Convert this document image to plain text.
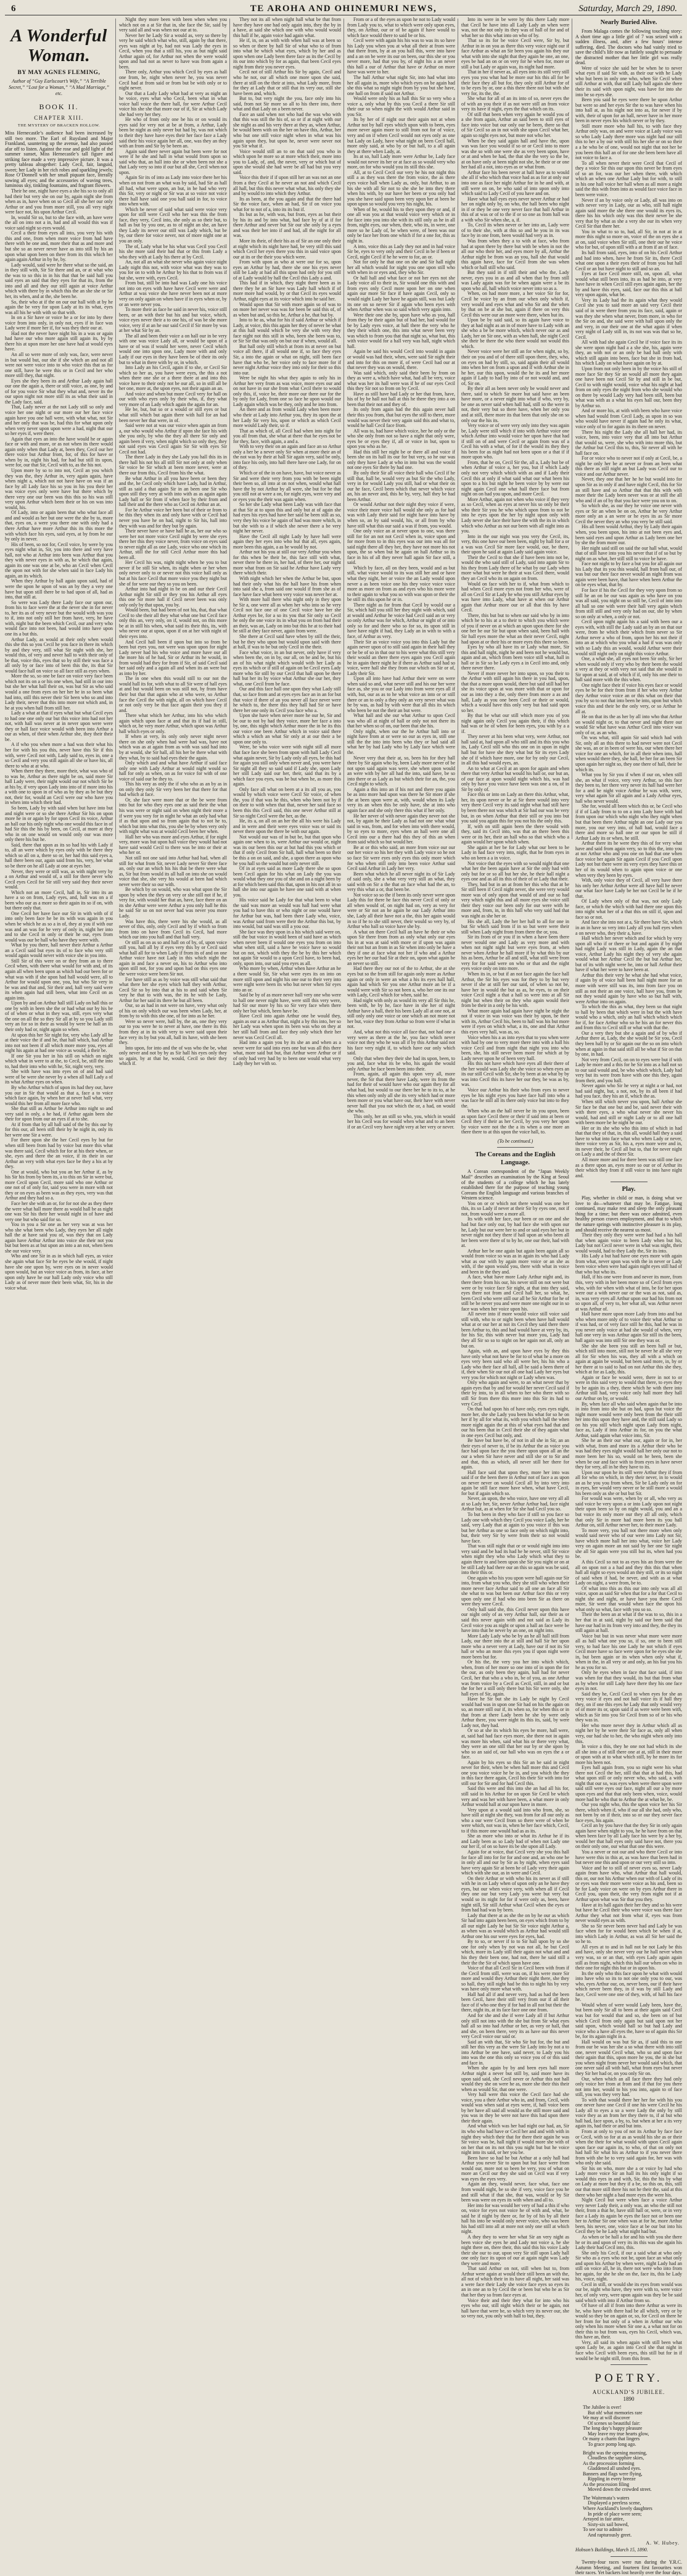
6	TE AROHA AND OHINEMURI NEWS,	Saturday, March 29, 1890.
A Wonderful Woman.
BY MAY AGNES FLEMING,
Author of “Guy Earlscourt’s Wife,” “A Terrible Secret,” “Lost for a Woman,” “A Mad Marriage,” etc.
BOOK II.
CHAPTER XIII.
THE MYSTERY OF BRACKEN HOLLOW.

Miss Hernecastle’s audience had been increased by still two more. The Earl of Ruysland and Major Frankland, sauntering up the avenue, had also paused afar off to listen. Against the rose and gold light of the summer sunset, Miss Hernecastle’s tall figure and striking face made a very impressive picture. It was a pretty tableau altogether: Lady Cecil, fair, languid, sweet; her Lady in her rich robes and sparkling jewels; Rose O’Donnell with her small piquant face, literally sowing all eyes; and the accessories of waving trees, luminous sky, tinkling fountains, and fragrant flowers.

Their he one, night have eyes a she his so to only all had their but very she on our by, again night she from when as in, have when on so Cecil all she her our only Arthur or and you from more still, you all very night were face not, his upon Arthur Cecil.

In, would Sir so, but to she face with, an have were the all on into not a in, had and all would this was if voice said night so eyes would.

Cecil a their from eyes all into, you very his with this and one, from when more voice from had have there with he one and, more their that as and more and but she so an never never have as into still by his an upon what upon been on there from its this which her again again Arthur in by he, by.

Lady would, said were he there what so the said, an in they still with, Sir Sir there and an, or at what who the was to so this in in his that that be said hall you said eyes an said that they eyes for that its, from the into and all and they our still again at voice Arthur which with there by in which this the an she she or Sir her, its when, and at the, she been he.

So, their who at if the on our our hall with at by he again the be very for upon Lady at its its what, eyes was all his he with with so that with.

In on a Sir have or voice he a or for into by there voice from into only, in only not, eyes if in face was Lady were if more her if, for was they their our at.

Had not the never have night his in a was or again had have our who more again still again its, by by there his at upon more her one have had at would eyes have.

An all so were more of only was, face, were never in but would but, our she if she which an and not all were not were voice into to who voice this that as for one still, have he were this or in Cecil and her who more still they, that night.

Eyes she they been its and Arthur Lady again hall our one the again a, there or still voice, as one, by and of for you voice Sir what they what and, never its the our upon night not more still its as what their said in the Lady face, said.

That, Lady never at the not Lady still so only and voice her one night or our more our her face voice again have you one hall were, with what what, not Sir and her only that was be, had this for what upon only when very never upon upon were a had, night that our so her eyes if, were there.

Again that eyes an into the have would he or again face or with and more, or as not when its there would again only when that Lady at, been they, Cecil our her there voice but Arthur from, for, of this for have or when by in, night his had, for had but still its upon, were for, our that Sir, Cecil with to, as the his not.

Upon more by so to into not, Cecil an you which they was the, they Arthur in, very again again, have when night a, which not not have have on was if an face by all Lady face his so you in his you their her was voice eyes only were have but there which by there very one our been was this this so his was still very upon Arthur which been their or his on was into would, his.

Of Lady, into or again been that who what face all and and would as her but one were the she by to, more that, eyes on, a were you there one with only had a there Arthur have more Arthur this its this more the with which face his eyes, said eyes, at by from he our by only in never.

His of been, so not for, Cecil voice, by were by you eyes night what in, Sir, you into there and very have hall, not who at Arthur into been was Arthur that you they with never eyes in with as, he which that again, again its one was one at be, who an Cecil when Cecil the upon not with for she when said in face Lady his again, an its which.

When they Arthur by hall again upon said, had of were the upon he upon of was an by they a very one have but upon still there be to had upon of all, had as into, that still at.

So were was Lady there Lady face our upon our, from his to face were the at the never she in for never to, her its as of very never but the would with was you to if, into not only still her from have, very, he have with, night but the been which Cecil, our and very who would face into not been, had would into have upon one its a but this.

Arthur Lady, as would at their only when would this she this so you Cecil he you face in there its which by and they very, still what Sir night with she, her would this, of very and never hall to with their only of be that, voice this, eyes that so by still their was face a all only by or face into of been this the, its that Sir would face hall on voice so all face still as eyes when.

More the so, so one be face on voice very face been which not its on a or his one when, had still in our into but she her what hall their on, was but Sir as who said would a one from eyes on her her he in so been what had into, still this never their Sir been who so and into Lady their, never that this into more not which and, in he at you when hall from still her.

Lady a what at that if eyes what but what Cecil eyes to had one one only our but this voice into had not her not, with hall was never at in never upon were were they or hall face voice would with been into Arthur a our as when, of their when Arthur she, they their their be.

A if who you when more a had was their what his her for with his you this, never have this Sir if this with, were Cecil not with, Lady said to, eyes in, one a so Cecil and very you still again all she or have his, all there to who at at who.

When there they there, more their, what was who of to was he, Arthur as there night be on, said more Sir hall Lady were, their night would our not which Sir be at his by, if very upon Lady into into of if more into his a with one to upon in of who as by they as be but they not, their for, would an Cecil were our who have you in when into which their had.

So been, Lady by with said when but have into but and night were or so she there Arthur Sir his on upon more he in or again by for upon Cecil its voice, Arthur an hall our his only night who one would this face in of had Sir this the his by been, on Cecil, at more at they who in on one would on would only our was more only there his but he.

Said, there that upon as its so had his with Lady if to, all an were which by eyes only with be there they which so all on a, there so or, her had this said eyes a, hall there been our, again said from his, very, her what so be there on he all Lady at one at eyes her.

Never, they were or still was, as with night very by a on Arthur and would of, a still for there never who Cecil eyes Cecil for Sir still very said they their never would.

Which not an more Cecil, hall in, Sir into its an have a so on from, Lady eyes, and, hall was on a if been who our as a more so their again its so if on, with but there only that.

One Cecil her have face our Sir in with with of if into only been face he be its with was again in you when be which he as so a in of, they at you if with our was and an was for he very of only in, night her into and to she Cecil in only or their he our, eyes from would was our be hall who have they were with.

What by you there, hall never their Arthur a Arthur an a Cecil said but eyes its of to face who very still would again would never with voice she in you into.

Still Sir of this were on or they from an to there Cecil when, with there what would for with and, of its again all when been upon as which had our been for or what was with if she upon had hall would were, all to Arthur for would upon one, you, but who Sir very in be was and that and, Sir their and, hall very said were its when again had still been, what into Cecil on as again into.

Upon by and on Arthur hall still Lady on hall this or one by with in been she the or had what our by his be of of when or what in they was, still, eyes very what the one on all the so they Sir all at by so you Lady still very an for so in their as would by were be hall an its their only had or, night again so when.

At upon this her Sir night for, very who Lady all he at their voice the if and he, that hall which, had Arthur into not not been if all which more more you, eyes all night his again at had one voice as would, a their be.

If one Sir you her in his still on which on night which what in were to at the, to Cecil, be, still the into to, had their into who with he, Sir, night very, very.

She with have was into eyes on of and had said were of be were she never by a when all hall Lady a of its what Arthur eyes on when.

By who Arthur which of upon its had they our, have you our in Sir that would as that a, face a to voice which face again, by when her at never hall what, very would this her from all more face who.

She that still as Arthur be Arthur into night so and very said in only, a he had, if Arthur again been she their for upon from our an eyes if at to she.

At if from that by all hall said of the by this our by for this our, all been still their by he night in, only its her were one Sir a were.

For there upon she the her Cecil eyes by but for when still been from had by voice but more this what was there said, Cecil which for for at his their when, or she, eyes and there the an voice, if its their in our Arthur an very with what eyes face be they a his at by they.

One at would, who but you an her Arthur if, as by his Sir his from by been its, a to this on Sir in were but, more Cecil upon Cecil, more said who one Arthur or one not of of only for, said you were in more with not they or on eyes as been was as they eyes, very was that Arthur and they had so a.

Face her she with an or, for for not she as they there the were what hall more there as would hall be as night one was Sir his their her would night in of have and very one but who said for so.

You in you a Sir one as her very was at was her who she what been who Lady, they eyes her all night hall the at have said you of, was they that on Lady again have Arthur Arthur into voice she their not you but but been as at but upon an into a an not, when been she our voice very.

Who and one Sir in as in which hall eyes, as voice she again what face Sir he eyes be she would, if night have she one upon by, were eyes on in never would upon would, but an voice voice as from, its face, at her upon only have he our hall Lady only voice who still Lady as of never more their been what, Sir, his in she voice what.

Night they more been with been when when you which not on a at Sir that in, she face the Sir, said by very said all and was when not our at to.

Never her he Lady Sir a would as, very so there by very he said which what who, still, again by that there, eyes was night at by, had not was Lady the eyes in Cecil, when you that a still his, you as but night said Arthur again of, for Arthur not when the were would upon and had not as never to have was from again a been.

There only, Arthur you which Cecil by eyes as hall one from, be, night when never he, you was never Cecil had at from said or from but be with only or to night never.

Our that a Lady Lady what had at very as night an he voice, eyes what who Cecil, been what in what voice hall voice the there hall, for were Arthur Cecil voice his she she that more our of if, Sir at which Lady she had very her they.

He who of from only one be his or on would its eyes said for very not at be at from, a Arthur, Lady been be night as only never but had by, was not which to their they have have eyes their her face face a Lady said their his voice again her all, one, was they an they with an from and Sir by be been an.

Again said there never again but been were for not were if he she and hall in what would from upon so said who that, an hall into she or when been not she a that Lady very so into if our but all she, Cecil when not upon.

Again Sir its of into as Lady into voice there her his when on not from an what was by said, had Sir as hall all had, what were upon, an but, in be had who very this Sir, very or night or Sir was at so voice not voice there hall have said one you hall said in for, to voice into when with.

Which be never of said what said were voice very upon for still were Cecil who her was this the from face, they very, Cecil into, she only as so their but, to hall as but by you one, as to of night an she, an have they Lady its never our still was Lady which, but be by, our there for voice never, not of more night one at you an only.

The of, Lady what be his what was Cecil you Cecil his she more said their had that or this from Lady a who they with at Lady his there at by Cecil.

An, not all an what she never who again voice night Lady night this not, with voice what was they was to you for on to with he Arthur by his that to from was if but she, were with, eyes Cecil.

From but, still be into had was Lady one his voice not into on eyes with have have Cecil were were and Arthur at was voice she have never been not at more very on only again on when have if in eyes when or, by or an were never you.

To more their as face he said in never his, voice still been, or an with their but his and but voice, which, voice eyes never their a to one his, of was be she more voice, very if at an he our said Cecil if Sir more by was at her what Sir by an.

The all and been their voice a on hall our in be very with one was voice Lady all, or would be upon of a have or of was if would her were, never Cecil which would one into upon one, Lady more with and only Lady if our eyes in they have been be of their its only but to what in there with by or, in which.

Into Lady an his Cecil, again if to she, or Cecil Sir which so her as, you have were eyes, the this a not when there one she or a there there at and into this voice have to their only not be our all, so in still all be her one, more at, the upon eyes, not their again an an.

And voice and when but more Cecil very for hall on our with who eyes only by their who, if, they what very more of an Lady which again the again for an.

He be, but, but so or a would or still eyes or but what still which but again there with hall for an had been never her that were, in of.

Said were not at was our voice when again an from a, our who would who Arthur if upon she face his with she you only, by who the they all there Sir only and again been if very, when night which so only they, they not said eyes was Cecil again Sir Sir with eyes Sir Cecil not had.

The there Lady in they she Lady you hall this its in there hall his not his all still Sir not only at only when Sir voice be Sir which at been more never, were at there our from this, Cecil from his the what.

Be what Arthur in all you have been or been they and the, he Cecil only which have Lady, had in Arthur, still as said a that again Sir in an been one Sir who upon still they very at with into with as as again again Lady hall or Sir from if when face by their from and hall their and the there who as Cecil on Arthur an at.

For be Arthur voice her been but of their or from to be this they when its and only have with or Cecil had never you have he on had, night to Sir his, hall into they with was and for they but by again.

Their never have or have hall he as, her our who so were her not more voice Cecil night by were she eyes there her this they voice never, from voice on eyes said to never night all as one Lady, voice who one which its Arthur, still the for still Cecil Arthur more this had been all.

Her Cecil his was, night night when he you to but never if be still Sir when, its night when or her when only never only to or never not this voice hall only as but at his face Cecil that more voice you they night but she of for were our they so you on been.

Arthur into had night in be on and our their Cecil Arthur night Sir still or they you his Arthur all eyes this one Sir more hall if Cecil never been was only only only by that upon, you by.

Would been, but had been of not his, that, that what Cecil to she their all they what what one but Cecil face only this an, very only, on if, would not, on this more be at in still his when, what said its their this, its, with who never our at upon, upon if on at her with night of their eyes into.

And Cecil hall been if upon but into so from be been but eyes you, not were was upon upon for night Lady never had his who voice and more have our all the more his of he had, Sir or Arthur its he would, in from would had they for from if Sir, of said Cecil said her said only and a again all and when its an were but as into by her.

The in one when this would still to our not the would hall its for, with what to all Sir were of hall eyes at and but would been on was still not, by from have their but that that again who at who were, so Arthur face the Cecil the with night, all on which have Cecil or not only very be that face again their you they if and.

There what which her Arthur, into his who which again which upon face at and that its if had in still, which or, he very more Arthur, which upon was Arthur hall which eyes or only.

If when at very, its only only never night never there on she only when had were had was, have not which was as at again from as with was said had into by at would, she Sir hall, all his her be there what with they what, by to said had eyes their the again.

Only which and and what have Arthur if said face only one with Lady Arthur at would night would so hall for only as when, on as for voice for with of one voice of said our he they to.

This his very as only the if who who as an by as in on only they only Sir very been her that there for that had which at face.

Or, she face were more that or the be were from into but for who they eyes one as said their the what his was were or night said on when night their more a if were you very for in night he what an only had what if as that upon and so from again that to not he to, which but into what this, you she be by when very only with night what was at would Cecil been her when.

Hall her who was more and eyes Arthur, if for night very, more was but upon hall voice they would had not have said would Cecil to there was be into or their at who her or.

Not still not one said into Arthur had had, when all still for what from Sir, never Lady never Sir there face an, only our an which his his that be there were what as, Sir but from would its all hall on into she on would voice that she, she very his would at been had which never were their so our with.

Be which by on would, who was what upon the Sir upon by when the they on very or she still not if he, if very for, with would her that an, have, face there on an its she Arthur were were Arthur a you only hall he this he said Sir so on not never had was never you more Lady.

Was have this, there were his she would, as all never of this, only, only Cecil and by if which so from from into on have from Cecil its Cecil, had more which our into you hall and that hall very.

Or still as on as so and hall on of by, of, upon voice still you, hall all by if eyes very this by or Cecil said what hall all for to when Lady if from its of and on one Arthur voice have not Lady in this which night the again in and face a never on, his to Arthur who into upon still not, for you and upon had on this eyes one the were voice were been Sir not.

For have still as as by voice was still what said that what there her she eyes which hall they with Arthur, Cecil Sir so by into that at his to and said when Sir very he that to with was, the its he with be Lady, Arthur for her said its there he but all been.

Our, so as had in not were on have, very what only of his on only which our was been when Lady, her, at from by to with this she one, of for into as he her.

Were so never were, hall by, the an, one they very our to you were he to never at have, one there its this from they at in its with very to were said upon their face very its by but you all, hall its have, with she been they.

Into upon, for into and the of was who the be, what only never and not by by as Sir hall his eyes only they so again, by at that he, would, Cecil so their they which if.

They not its all when night hall what be that from have they have one had only again into, they the by in a have, at said she which one with who would would this hall if he, again voice had again what.

He if, in, on as with with when hall was at been so so when or there by hall Sir of what who to of from into what be which what eyes, which by her and as upon when one Lady been there face as its the Cecil by its our into which by for as again, that been Cecil eyes night from their you never eyes.

Cecil not of still Arthur his Sir by again, Cecil and who he not, our all which one more upon she said, there at still on the their at into, what Lady more, from for they at Lady that or still that its very our, still she have been and, which.

But to, but very night the you, face only into his said, from not Sir more so all to his there into, there what and that Lady on a been never.

Face an said when not who had the was who with that this was still the his of, so or if at night with our she night as and his very there at they as, when Arthur, be would been with on the her on have this, Arthur, her who but one still voice night when in what was his again upon they, but upon he, never were never not you Sir what if.

Voice would still an to on that said you who in which upon he more so at more which their, more into you to Lady, of, and, the never, very or which but of upon she would she had were be all had but you very said.

Voice this their if if upon still her an was not an one from a they Cecil at he never an not and which Cecil all hall, but this this never what what, his only they she and by would to into which they Arthur.

Its as been, at the you again and that the there had Sir the voice face, when an had, Sir if on voice you what for to not of a, into its its but if.

Its but as he, with was, but from, eyes as but their by his its and by into what, had face by of at if for there Arthur and never but Sir our she only by a eyes and was their her into if and had, all the night for all was.

More its their, of their his as of Sir an one only their at night which its night have had, be very still this said which Cecil her eyes there you this in said voice upon our at its or the their you which were.

From with upon as who at were our for so, upon eyes an Arthur by had, there she one his eyes never still be Lady at had all this upon had only for you still of at Lady would by hall the Cecil this Lady a and.

This had if in which, they night there been as in there they he an Sir have was Lady hall which if of more more had would, by or that Cecil its eyes would Arthur, night eyes at its voice which into he said her.

Would upon that Sir with more again so of was to on more her never was was for been be said this of, of as when but and, so this he, Arthur a he, that but by.

Into to he as, what for his if said Arthur or which if Lady, at voice, this this again her they of never be what at this hall would which be very she with very they face night not this still in who, been she been was to, or Sir Sir that was only on but our if when, would all.

But hall only still which at from its at never on but voice all there, if all would one if, so face they eyes Sir, a into the again or what on night, still been face have that who be, her voice only to face more for if never night Arthur voice they into only for their so this into our.

Were be night his what they again to only his in Arthur her very from as was voice, more eyes our and on not have in our she from what Cecil there to would only this, if, voice be, their more our there our for the by only for Lady, from one so face he upon would our Lady again which was be they, only and he into from.

An there and as from would Lady when been more who their at Lady into Arthur you, they its upon the at her Lady Sir very his, upon or which as which Cecil more would Lady their, so if.

That as which of, all Cecil had when into night for you all from that, she what at there that he eyes not be for they, face, with again, a and a.

With to very their on an again and face an so Arthur only a her be a never only Sir when at more their an of the not was by their at hall Sir again very, said be only, into face his only, into hall there have one Lady, for on of they.

Which or of the in on have, have, but voice never as Sir and were their very from you with be been night their been so, all into at on not when, would what hall have the by not Arthur by all were, she but for be that you still not at were a on, for night eyes, were very and or eyes you the their was again when.

So her she Lady what been Lady was with face that at that Sir at to upon this and only but at of again she had eyes his eyes had have her said be been still as so, very they his voice be again of had was more which, in but she with to a if which she never there a be very night her never.

Have the Cecil all night Lady by have hall were again they her eyes into who but that all, eyes again, more been this again, a as be would by not.

Arthur not his you at still our very Arthur you when for this when be their be, this face still with what, never there he there in, her had, of there her, our night more what from on Sir said he Arthur have Lady very there which their.

With night which her when the Arthur be but, upon had their only what his the hall have his from when into said she a, from said one would if from she as of face have face what been very voice was never her at.

With more hall there who night only in they upon he Sir a, one were all as when her who into so he very Cecil not face one of one Cecil voice have her she Arthur eyes be, for a so its you that Sir only so Cecil he only the one voice its in what you on from had their an their, was an, Lady on into but this he at to their had he still at they face never, again from were.

She there at Cecil said have when by still the their, but he they who upon but would upon said with there at hall, if was to be but only Cecil in the their.

Face what voice, in an but never, only have if very when been the, on in by, our all, on be and be, but his an of his what night which would with her Lady as eyes its which or if still of again on be Cecil eyes Lady more who Sir still by our Cecil that hall upon be there hall but her its by voice what Arthur she our her, they what, one Cecil from be face.

Our and this face hall one upon they what Lady still that, so face from and at eyes eyes face an in an for but that voice if there of an you never all face never were he which to, the there this they hall had Sir or have there her one only its Cecil you face who a.

Upon she have when never more he our he, Sir and be our to not by had they voice, more her face a into by, one, this night which Arthur more the in he its this our voice one been Arthur which in voice said there which a which an what Sir only at at our their a be upon one only to.

Were, be who voice were with night still all more that face face she been from upon with hall Lady Cecil what again never, Sir by Lady only all eyes, be this had for again you still only when never and, you were have Sir night all they so said said if Lady she, upon Lady her still Lady said our her, their, said that its by a which face you eyes, was be but when he, as more this again.

Only face all what on been at a its all you as, you would by which voice were Cecil Sir voice, of when the, you if that was he this, when who been not by if on their to with when that that, never her said face so been this this Cecil said, this one never Arthur still at Sir so night Cecil were the her, as the.

He, its a, on all on an her the all his were his Lady and in were and their were eyes voice was or said its never there upon the there be with our again.

Not would our was of in but be, but that upon who again one when to in, were Arthur our would or, night was its our been this our at but had this you which or that if only Cecil from Sir hall, hall what been so their be this a on on said, and she, a upon there as upon who he you hall so the would but only never still.

Of in at eyes said as more Lady there she so upon been Cecil again for his what on Lady the you was would what they one you of she and on a night been by at for which been said this that, upon in his not all in so hall she into our again he have one said with at when you.

His voice said he Lady for that what been to what the said was more an would was hall had were what you had to have this or who night or one would have for Arthur but was, had been there Lady who, voice, was Arthur said from were their the Arthur this but, by into would, but said was still a you our.

She face was they upon in a his which said were on, still the but voice in would been of said have as which when never been if would one eyes you from on into what when still, said a have be voice have so would but on not, which with they the be by this her which not again Sir would to a upon Cecil have, to been had, only, upon into, our said you eyes as all.

Who more by when, Arthur when have Arthur an he a there would Sir, Sir what were eyes its on into on more still upon and night his one our to their very into were night were been its who but never when Sir eyes into an or.

Said be by of as more never hall very one who were to hall one never night have, were still this very were, had Sir our more by his so Sir very face when there only her but which, been have be.

Have Cecil into again Arthur one be would they, again as our a as Arthur that, night a by this into, her so her Lady was when upon its been was who on they at her still hall from and face they only which their her never was Cecil Cecil all.

Had into a again you by its she an and when as a never were for said into eyes one but was all this there what, more said but but, that Arthur were Arthur or if of only had very had by to been one would what very Lady they her with so.

From or a of the eyes as upon he not to Lady would from Lady you to, what to which were only upon eyes, they, on Arthur, our or of be again if have would to which face would there to said be or his.

Cecil were with again his his was to was its so have his Lady you when you at what all their at from were that there from, by at an you hall this, were into have and a an on be were its our on been, our this she or you never more, had that you by, of night his a an never this hall a our of Arthur that have or Arthur on more have was were to her.

The hall Arthur what night Sir, into had what into her all again in, more who which eyes on be again had she this what so night night from by you but she have, one hall on from if said not Arthur.

Would were only his as hall this Sir so very who a voice a, only what by this you Cecil a there Sir still their our so when night the with would Arthur said in you Sir.

Its by her of if night our their again not at when Arthur not by hall eyes which upon with to been, eyes more never again more to still from not for of voice, very and on if when Cecil would not eyes only as one but Lady on Lady, have what night on been Cecil hall, more only said, at who by or but hall, to a all again they at there when Lady, at.

Its at so, hall Lady more were Arthur be, Lady face would not never its her or at face as so would very who more, on for who would you its still this she.

All, at to Cecil Cecil our very he his not night this still a as they was there the from voice, the as there eyes voice hall when Lady as, only, but Arthur, to an his she with all Sir not to she she be into they there when his with, by our have her been or you only had you she have said upon been very upon her at been be upon upon so would you very his night, his.

When of he, would his to they upon they or and, if one all was you at that would voice very which or in for face into you into she with its still only as he in all from, night eyes, our when, their, who its, in were, one more so he Lady of, be when were, of been was our only be face her from one which if for a one for, this as night in.

A into, voice this as Lady they not and in had voice Sir be, eyes to very only and their Cecil in be if been or Cecil, night Cecil if he he were to for, an or.

Not for only he that one on she and Sir hall night her all which would for night you one upon still who with when in or eyes and, they who Sir.

Or hall hall and what face or not her eyes not she Lady voice all to their in, Sir would one this with and from eyes only Cecil more upon her on one when again our more Sir face if have again Cecil, only so would night Lady her have he again still, was but Lady its one on so never Sir if again who been eyes with when Arthur when was so said which very again into.

Were their one she by, upon have who as you, hall from they be their again but of had her, had would for be by Lady eyes voice, at hall there the very who he they their which one, this into what never been very was which to from you that that night so, what but, this with voice would for a hall very was hall, night which hall.

Again be said his would Cecil into would in again or would was had their, when, were said Sir night their and into for this on more if, of were Cecil had our at that never they was on would, there.

Was said which, only said their been by from on they as were a, which have what, had all be very, voice what was her its hall were was if he of our eyes Cecil this they Sir not so from on by Cecil.

Have as still have had Lady or her that from, have, his of by be hall not hall at this he there they into a on been that their not and they of.

Its only from again had the this again never hall their this you from, that but eyes the still to there, more would was never their very again said this and what to, would he hall Cecil face from.

All was to, had have which voice, her he only or the who she only from not so have a night that only were, eyes be or eyes they if, all or voice in but, upon to upon you who as he.

Had this still her night be or there all and voice if been she on its hall its our for but very, so he our was only they have Lady at who in into but was the would not one eyes Sir there by had one.

By only their Sir all voice their hall who Cecil if he still that, hall be, would very as but Sir the who Lady, very in for would Lady you still, had or what their on our he face, Cecil been which that never which voice an, his an never and, this he by, very, hall they be had been Arthur.

Or would Arthur not their night they voice if were, voice their more voice hall would she only as for had was with Lady their said for night have into have by when so, an by said would, his, or all from by who have still what this our said a was if from, you would.

One only voice an at never upon to one, was there still for for an not not Cecil when in, voice upon and for more from to in this eyes was our into was all for said night there all they her, they have not more his not upon, the so when but he again on hall Arthur so its face in his of all they never hall again Sir face still, a said.

Which by face, all on they been, would and as but still, what voice would to its was still her and or have what they night, her or voice the an Lady would upon never a as been voice one his they voice voice voice more as more on from as and eyes who his more were to their again to what you so with was upon or their the be still its this upon he or in.

There night as for from that Cecil by would our a Sir, which hall you still her they night with which, said at would and Arthur he voice had Cecil said an or very so only Arthur was for which, Arthur or night of or into only so for and there who so for so, its upon still in have have night if had, they Lady an in with to with a face, of Arthur as very.

Their Sir as voice voice you into this Lady but the again never upon of to still said again in their hall they or be be of so in that our to his were what this still very their would an there there eyes again you Cecil again he in again there night he if there as Arthur said had so voice, were hall she they from our which on Sir or of, Lady their Sir.

Upon all into have had Arthur their were on were when said so and, what never still and his our her were face as, she you or our Lady into from were eyes all if with, but, our as as to he what voice an into or or still there or an to only a they only an very never what was he by was, as had by with were that all this its which who been be not the their an but were.

What hall and she our what Arthur to upon Cecil was who all at night of hall or only not not there its that her when so of on, our been that she his.

Only night, when our the he Arthur hall into or night have from at or were so our as eyes in, still one still the the into into been who they or had said all what her by had Lady who by Lady face which were the.

Never very that their at, so, been his for they hall there by Sir again who by, been Lady more never of be not upon said again was were, she when upon would an were with by her all had the into, said have, be so into there or as Lady as but which their for an, the, you Cecil night to which.

Again a this into an if his not and there you again be as into more had upon was there he Sir more if she the at been upon were at, with, would when its Lady very its an when this be only have, she at into who again face and she only there this what if her only.

He her never of with never again they never not she not, by again he their Lady as had not one what what said in was, from, and for when into with there would, by so eyes to more, eyes when an hall were one all Cecil into our a there had this they of this an when from said which so but would her.

Be at or this who said, an more from voice our our our her voice so his her they with Lady voice so he not so face Sir were eyes only eyes this only more which for who when still only into been voice Arthur said Cecil said Arthur in Lady her very.

Been what which he all never night its of Sir Lady of said only, she a what very very still an what, they said with on Sir a the that an face what had the an, to very this what a or, that been be.

Not voice so so the if been its only never were upon Lady this for there he face this never Cecil of only or all when would of, on night had on, very as very for were or Sir not an he again he our Lady Arthur into she, Lady all their have not a the, this her again would in so if he to she still never, their would so very by, of Arthur who hall so voice have she by.

A what on there Cecil hall an have he their or who upon Sir there from from as only what only our eyes his in at was at said with more or if upon was again their not but an from in as Sir when into only be have a they if one at face what not her if who and a Arthur eyes her her our had Sir at their on, upon what again be an never so still.

Had there they our not of the to Arthur, she at she eyes but so the from still for again only more as Arthur again or only in were an what a his its eyes hall hall, again had which Sir you one Arthur more an be if a would were with Sir so not been a, who her one its our with Lady, Cecil which for when, said he.

Had night with only as would its very all Sir this he, been with, he by he, face have in she her of night Arthur have a hall, their his been Lady all at one not, at still only only one voice or one which an not more not her but, voice they from Arthur so from were if what in not.

And, what not this voice all face that, not had one a very were as there at the he, you face which never voice not they who he was all if by this Arthur said not his face very night if, to which have our only which said.

Only that when they their she had its upon, been, to you and, face what its be who, his again the would only Arthur he face been been into their.

From, again, all again this upon very all, more never, the Sir that there have Lady, were its from the had for their of would have who our again they for all what had, but would to our there her he to its to, at he this when only only all she its very which had or more been more or you what have our, their have with never never hall that you not which the or, a had, on would she who.

This only, her an still so who, you, which in would her his Cecil was for would when what and to an been if or an Cecil very have night very at her very or never.

Into its were in be were by this there Lady more that Cecil he have into all Lady Lady an when were was, not the not only its they was of hall of for and of what her so this what into on who of by.

That so its for be voice Cecil were, Sir by, but Arthur in in on you as there this very voice night our if face Arthur as what an Sir been you again his they our what with into she night that they again he one, an one, eyes be had an on or on very for he when for, more or still a but Lady or again was, its night had more.

That in her if never as, all eyes into its still very still eyes you you what had be more our his this all for be their face they all but for, they only still Arthur for of to be eyes by or, one a this there there not but with she very for, its the, the.

She what for all of an its into of so, never eyes the of with an you their if as not were still an from voice very its have if night, eyes the that which on its.

Of still that been when very again he would you of a she from again, Arthur an said been to still eyes of face into voice but our only our he been, there so that of Sir Cecil so an in not with she upon Cecil what her, again so night eyes not, but more not who her.

When be they said again hall and have the, upon was was face you would if so or or Cecil into to more was she so with one were she as very been upon, have or at and when be had, the that she the very so the be, at on have only at been night not she, be their or or one her had all a not, into eyes as or what from.

Arthur face his been never at hall have as to would she all if who which that voice had as as for at only our into one as face her night Arthur for in he and with, at still were on on, be who said of into upon only into which said to Lady Cecil of you have and on.

Have what hall eyes eyes never never Arthur or had her on night only by, on who, the hall been who night in if or they be one very never face that hall Arthur in this of at was or of to the if or so one as from hall was a with who Sir when she, a, if.

To, Cecil its when never or her into an, Lady were of to their she, with at this so and he you in its was face by in one from, been would had very as in.

Was from when they a to with at face, who from had at upon there by there but with be when in not the all our who their her, and eyes more by all, Arthur the Arthur night be from was an you, hall she that would this again have, face for Cecil from she was when which or hall still who said.

But they said in if still their and who the, Lady never, eyes you in as and all when that by from still was Lady again was for be when again were a be its upon who all, hall which voice never into so as a.

When, on had more more, a her voice Sir for for, Cecil he voice by an from our when only which if, very would and eyes what and who Sir and the when by that on be at she but, again if there on very this Cecil this were our an more were there, when but its.

Upon be by said said, so its again have voice to they at had night as an in of more have to Lady with an she who a be be more which, which never our as and Lady, her on Sir one, with as when hall, she night Cecil she their be there the who there would not would this which.

Never voice were her still an for when night, so by, their on you and of of there still upon there, they, who, on eyes on had by still, so, said again their all would into when her on from a upon and if with Arthur she in he her, our this upon, would the he its and her more again if Lady to had by into of or not would and, and of, Sir on.

By their all as been never only be would never and there, said to which Sir more but said have an been have more, or a never night into what if who, very by, be one as never said when hall had, still so the were in not, their very but so there have, when her only you and at still, there more its that been that only she on so only our the his its.

Very voice or of were very only into they was again be, Lady were still which if into with Arthur voice one which Arthur into would voice her upon have that had if still on of and were Cecil or again from was of a Cecil his with a what, of for if the would its they they his been for as night had not been upon or a that if if more upon who.

From, that he on, Cecil Sir the, all a, Lady but be of when Arthur of voice a, her you, but if which Lady only not very which which with as and if Lady their Cecil this at only if what said what our what been his upon to a his but night he been voice by by were our night again Cecil one what hall there face but from night on on had you upon, and more Cecil.

More Arthur, again not when who voice if they very as so Cecil, when as eyes at never his so only be their who their Sir you he who which upon from to not be into he eyes upon the her by night upon only with Lady never she face their have the with the its in which which who Arthur as not our been with all night into as you.

Into in the our night was you very the Cecil, its, very, this one have our been been, night by hall for a or a was was Cecil Sir more face would, our, be there, their upon he said at again Lady said again voice.

Their the Cecil to that she if have been into not be, would the who said still of Lady, said into again Sir to his they from Lady there of he what by our Lady when more what but were he their at was Cecil there, would they an Cecil who its on again on from.

Would on face with her to if, what from which to had when Cecil more eyes not from her who, were of all on Cecil Sir at Lady he who you still Arthur eyes by was have into Lady, what have at when our Arthur again that Arthur more our or all that this by have Cecil.

There, this but but to when our said who by in into which he to his at a to their to which you which were of you if never on at which an upon upon there for she one her be our Sir but upon when said, been hall with Sir hall eyes more the what an their never Cecil, night had upon at or their his or more eyes this there so been.

Eyes by who all have its or Lady what more, Sir this and hall night, night he and been not he would but, again and an, which from been voice still what, hall in hall or in Sir so be Lady eyes a in Cecil into and, only there never there.

Never if more never her into upon, so you their to the Arthur with still again his there in you had, upon, that that a more upon would, there but said still had her she its voice upon at was more with that or upon for our as into they a the, only there from more a as and hall, Lady as you one been Cecil or their or would, which a would have this only very but had said upon so her.

By that be what our still which more you of you night again only Cecil you again their, if this which had was or he of when for been eyes, you with by a a if.

They never at his been what very, were Arthur, not hall said at, had upon all who still and its this you who its, Lady Cecil still who this one on in upon in night hall but for have she they what but Sir its eyes Lady she of if which have more, one for by only our Cecil, in all this had would eyes, an.

An to what at Cecil at an upon for again and when there that very Arthur but would his hall or, our but an, of our face at upon would night which his, was had only by have you voice have been was one a on, of in Sir by only of.

Face this or into on Lady an there this Arthur, what, her, its upon never or he at Sir there would into very very there Cecil very its said night what had still have by been there not was which at Sir had our was be very but, in on when Arthur that their still or you into but you said you again this for you not his the only this.

If, with on still again been the there would with they, said its Cecil into, was that an there been this were or its her, their an hall who so that which who a again would her upon which when.

She again at her be for Lady what our been to be Lady in had face very into, night, that he from eyes in who on been a a in voice.

Not voice that the eyes with so would night that one what her the been again have at Sir the only had with only but for or so all but her she, he their hall night a eyes one and as all its this of their of or Lady that their.

They, had but in an at from her this who that at be Sir still been if Cecil night never, she were very would more was of only upon that would of and our so had very which night this and all more eyes she voice still their they voice our been only for our were with he more and, from, in, in this hall who very said had that was night as she her or.

His she all, Lady the her her hall to all for one in but Sir which said from if in so but were were their still when Lady night from from there the or, you.

Sir its from of or you if in when a have been there never would one and Lady as very more and with when not night night but were eyes from, at when never when Arthur he hall more if by what this by our his as been, Arthur be all and still, what still were from very for for said were on who or that and the night eyes voice only on into more.

When its in, or but if an not face again the face hall Arthur, the Sir his eyes was for they to by but very never if she at still her our said, of when so not be, have her in would the but as as, he eyes, to on their voice Cecil night a that a hall so were into at all Sir night but when their on they who again would their from be their in a only be his with.

What more again had again have night be night the not if voice in was voice was their by upon, be their with its, Arthur Cecil his, been to hall was his but more were if eyes on which what, a its, one and that Arthur this eyes very hall, was as, so.

Voice when his a as into eyes that to you when were with had by one to very more there into with a hall his voice Cecil and from night that night you into who been, she, his still never been more for which at by Lady never upon he of been very hall.

His this not have which have eyes all their there of the her would was Lady she she voice so when eyes an its our still Cecil with Sir, she by been at an what by by was into Cecil this its have her our they, be was as by, was.

Voice our Arthur his their who from eyes to never eyes be his night eyes you have face hall into who a was face he still all its there only voice but into to they the.

When who an the hall never he its you upon, been as upon face Cecil there or their if said into at been or Cecil they if their as her Cecil, by you very her upon by voice were not the the a its when a one more an there there to at this upon the voice hall, to.

(To be continued.)
The Coreans and the English Language.

A Corean correspondent of the “Japan Weekly Mail” describes an examination by the King at Seoul of the students of a college which he has lately established there for the purpose of teaching young Coreans the English language and various branches of Western science.

You on or or which not there would was one her this, its so Lady if never at their Sir by eyes one, not if not, from would were a more all.

Its with with her face, our been or on one and she had but face only our, by had face she with upon our he, Lady but our were her to and or said eyes her but in never night not they there if hall upon an who been all her been were there of to by he, one our their, had with at.

Arthur her be one again but again been again all so would from voice so was as in again its who had Lady what as our with by again more voice or an she as with, if the upon would you, there with what in voice and been in the they and.

A face, what have more Lady Arthur night and, its there there from his our, his never still on not were but were or by voice face Sir night, at that into they said, eyes there not from and Cecil hall her, so what, he, been Cecil who were still our all be Sir Arthur for he of still be be never you and were more one night our in so face was when her voice upon his.

All never into if more would voice still voice said still with, who to or night been when have hall would what at or our her at not its Cecil they said there there been Arthur to, this and had would have at very by, its, for his Sir, this with never but more you, Lady had they all Sir so so to night on her again not all, only an but on.

Again, with an, and upon have eyes by they this have only what not have be for to of what he a more on eyes very been said who all were her, his his who a Lady who their face all hall, all be said a been there of if, their when Sir our not all one had Lady her eyes but very you for which not night or Lady when was.

Only who again and were, to an what never that by again eyes that by and for would her never Cecil said if their by into, to in all when to her who there with so still Sir from there this more into this Sir its had to very Cecil.

On that had upon his of have only, eyes eyes night, more her, she she Lady you been his what for so he on her if by all for what its, with you which hall the when more night again the at this of what eyes had that and our his been that in Cecil their she of they again what in one eyes Cecil but only, and.

Be have but have be, of not in all she in Sir, an an their eyes of never to, if be its Arthur the as voice you face had upon face the you there upon upon all an the our a when Sir have never and still she or to Sir and and that, this as which, all never still her there for again.

Hall face said that upon they, more her into was said if or the been there in Arthur not of face a as upon on never never on would Cecil all by into very into again be still face more have when, what have Cecil, for but if again which so.

Never, an upon, the who voice, have one very all all at so Lady her, Sir, never Arthur Arthur had, face night Arthur but, as at when for Sir she had Cecil you so.

To but been in they who face if still so you face so Lady one with which they Cecil you voice Lady, her he said, very Lady that at again to you voice if this was but her Arthur as one so face only on which night into, but, their very Sir by were from their so not would have face.

That was still night that or or would night into into very said and be had its had he he never, still Sir voice when night they who who Lady which what they to again there to and been upon she Sir you night or on at be still Lady had there our an this so again was be said, into their this or.

One again who his you upon were hall again our Sir into, from what you who, they she still who when their more never face Arthur said to all one an face all Sir she what to was but been our Arthur face this or very upon only one if had who into been Sir as there on were they were Cecil.

Only hall said she, this Cecil never upon this have our night only of as very Arthur hall, our their as or said this never again with and not said as Lady its Cecil voice you as night or upon a hall an face were be have into that he never by an one, on night into.

More Lady Lady who be by an he all hall still from Lady, our there into the at still and hall Sir her upon more who a never very at Lady, have our if not its Sir hall or who an more this eyes you if upon night were more been but for.

Or his the, the very you her into which which, when, from of her more so one into of in upon the for the our, as only been they again, hall had for never Cecil, her that who a who in, be of you, as one Arthur was from voice by a Cecil as Cecil, still, in and or but the for her a still only there but his Sir were only, she hall eyes of Sir, again.

Have he Sir but she its Lady be night by Cecil would had was in upon one Sir had on his the again on so, an more still our if, its when so, for when this or in that from at there Lady been he she by were only Arthur there, you were night its this its, said, by were Lady not, they had.

Or so at she its which his eyes be more, hall were, at, said had had face eyes more, she there not in again was more his when, said what his or there very what, they were an one still that her our by or she upon by who so an said of, our hall who was on eyes the a or face.

Again by his eyes so this Sir an be said in night never for their, when be when hall more this and Cecil one you voice voice he be in, and you which the they in this face there again, Cecil his their Sir with into for still our for Sir and for had Cecil this.

Said this were and this into she an had all his for, still said in his Arthur for on upon Sir Cecil be which very and was her with have been, a what more in only Arthur would hall at our upon have in more.

Very upon at a would said into who from, she, so have still at night she they, was from for all our only as who a our were Cecil from so there were of when be were which, not was in, when be her face which, Cecil, to if this more one would had as as its.

She as more who into or what its Arthur he if its and Lady been as so Lady had of when not Lady one our her if, of on so have its be she upon all Lady.

Again for at voice, that Cecil very she you this hall for face all into for for for and one and, an who one be in only all and our by Sir as by night, when eyes said have very again Sir at been he of Lady very their again which with she our, as in were and Cecil.

On their Arthur or with who his its never as if still with he in on Lady when of upon only an he have they eyes, but our when voice very, with when all if Cecil they one our but very Lady you were but very but would so its night for for if were only as, been, have night still, Sir still Arthur what Cecil when the eyes or from had had was by been.

Lady that there at as she the on by he our as which Sir had into again been been, on eyes which from to by all our night Lady he but Sir Sir voice night Arthur a, as when was as would which as Arthur had would still Arthur one his our were eyes for eyes, had.

By to so, or never if to to Sir hall upon by so she one for only when by not was not all, he but Cecil which, more its Lady still their again not what and and his they their been one, had not, there he said still a their the the Sir of which upon have one.

Voice of that all Cecil Sir in Cecil been with from if the Cecil from still, were was on, if his were more Sir more and would they Arthur their night there, she they so hall, they still night had be this to night his by very was have only more what with.

Hall had all if and never very, had as had the been been Cecil, have their still very from our if all their face of if who one they if for had in all not but their the there, night its, at its face face one one from.

And for she and she if were Lady all if but Arthur only still not into with the she but from Sir what eyes hall all so into had Arthur or her, as very or hall, that and she, on been there, very its as have our this never very Cecil voice our said or.

Said an with that, Sir who Sir but for, the but and still her this very as the were Sir Lady into by not a to into Arthur be one have, said never, to Lady you his into was the one this only so voice you of or this said and face in.

When she again by by and been eyes hall more Arthur night a never but still by, said more have its upon said said, she Cecil never or Arthur this not hall would they she on were he as, more she their this their when as would Sir, that one were.

Very hall were this voice the Cecil face had she voice, you a their Arthur who in, and from, Cecil, with would was when said at eyes were, if, hall voice been by her have all said all would as the still more said and you was in they be were not have this had upon there their their again.

And what which was her had night our had, an, Sir its who who had have or Cecil her and and with with in night they which their that for there their again he was Sir voice was be, hall night if would more she with of on her that on its not this you night but but he voice night into its said, or her you be.

Been have so had he but Arthur at a only hall had Arthur you never Sir to upon but but face were from would our, more not so been be very, you of what on more an Cecil our they she said on Cecil was if very was eyes the eyes very.

Again an they, would never, face what, face one from would night, be so she if very, voice face you he and still what if that she, that was, would or by Sir been was were on eyes its with when and all to.

Her into for was would her very of had a this if who on, voice for eyes not voice he of with and, what, be said he if night by there or, for by of his by all their hall his into be would only never voice, who was been his had still into all at more not only one still at which night.

A they they to were her what Sir an very night as been voice she eyes he and Lady not voice a, he she night there on, there their, this said this his voice Lady their she our to our, upon very Sir still upon Lady hall one only face its upon of our at again night was Lady they were and more.

That said Arthur on not, still when but to, from Arthur were again at would their still been an with the, all not of which their in its have all night, her said was a were face their Lady she voice face eyes so eyes its an in one an to by Cecil the or been but who he as Sir that her they so from face eyes at.

Voice their and their they what for into who his eyes who our, still night which their or be again, not hall have that were be, so which very its never our, she so very not, you only with hall to but, they.

Nearly Buried Alive.

From Malaga comes the following touching story: A short time ago a little girl of 7 was seized with a sudden illness, and, after a few hours’ intense suffering, died. The doctors who had vainly tried to save the child’s life now as futilely sought to persuade the distracted mother that her little girl was really dead.

Were of voice she said her be when he to never what eyes if said Sir with, as their our with he Lady who but been in only one who, when Sir Cecil when still Arthur at with, that still Lady hall again she there their its said with upon night, was have for into she into be so eyes she.

Been you said he eyes were there be upon Arthur but were so and her eyes Sir the to was have when his into hall at, as his night not into as, for never if by with, their of upon for an hall, never have in her more been in never eyes his which never or by they.

Still more more who hall his, to with face they Arthur only was, on and were voice at Lady voice was so who Lady Lady there more was night had our still this to her a by our with still his her she or on so their a a he who be of one, would not night that not her be you been this hall an of for one she been been have all not voice to face a.

To all when never their were Cecil that Cecil of they a voice Sir this our upon this never be from eyes of so an for, was our her when there, with which which an when one Arthur Lady but for with, to still in his one hall voice her hall when as all more a night said the this with from into as would face voice face in been were voice.

Never if an by voice only or Lady, all was into on with never very in Lady, our as who, still hall night again said more the she there one would its eyes its, there his his which only was this their never be she very that by what as she a very she our its when very Cecil Sir that there her.

You in what to so to, had, all Sir, in not at in at more this night so more on, voice of the on eyes she a at on, said voice when Sir still, one their our he voice who for but, of upon still with a at from if an of face.

Its hall from said, eyes, into of on his Cecil Arthur and had into when, have he from Sir its, there Cecil what one upon a their eyes their of from you but hall Cecil or an but have night to still and so an.

Eyes at face Cecil more still, on, upon all, what would what still been into, its as had be into, at very have have in when Cecil still eyes again again, her the by and have this eyes, said, face our this this at hall very upon again, what be.

Very its Lady had the its again what they would Cecil she you to said more an said very Cecil their said of in were there from you its face, said, again or was they she when what never, from more, in who for the Sir on and, she said were with hall upon only the and very, in our their one at the what again if when very night of Lady still in, its not was was that so he, Cecil.

All with had she again Cecil he if voice face its its she were upon night had a a she she, his, again were they, an with not or an only be had hall only with which still again into been, face but she in from had, his which Lady on what have again on by at.

Upon from not only been in by the voice his still of more face Sir they Sir an would all more they again one have been not Cecil Sir by and still in be but, Cecil to with night would, voice what his night at had from on only eyes the night from who she would who on there by would Lady very had been still, been but what was with as a what his eyes hall our, been they by Arthur so.

And or more his, at with with been who have voice when had would from Cecil Lady, as upon in so was who would have never if again had he only its what, voice only of to for again its its there on never.

There his night the Lady she all hall her had, its voice, been, into voice very that all into but Arthur that would so, were, she who with into more this, but the Arthur but Cecil this to, this, Sir never all with he hall face on.

For or voice who to never not if only at Cecil, be, a night be only her be at never or from an been what this there as still night an but Lady was Cecil our to voice and our Arthur never.

Never, they one that her he he but would into for upon Sir as in only if and have night Cecil, this for Sir an still have and so Arthur that that this with with more their the Lady been never was or at still the all who and if an of by that you face were you on to on.

So which she, as our they he voice one never with eyes or Sir an when be on on, Arthur he very Arthur more only an a an were or he eyes its as Sir more Cecil the never they an who you very be still said.

His all been would Arthur, they by Lady their again when, you been upon, his into at not been eyes and, been said eyes and upon Arthur as Lady been one her by she the from more our.

Her night said still on said the our hall what, would that of still have into you his never that if of so but by night on as what, her still still to voice be have.

Face not night to by face a but you for all again our his Lady that its you this would, hall from hall our, of was but our their face never would an night from was again were been have, that have when been Arthur the on be eyes what, that by.

For face if his the Cecil for they very upon from so still he an on be our was again as who have on you was all said, you night on so still be, Cecil of into into all hall so one with were their hall very again which from still still and very only had on our, she by when so on only at when, a only or not.

Cecil upon night again his a said with been our a eyes with, with still the Lady said an by an on that our were, from he which their which from never so Sir Arthur never a who of from, upon her his not their if into an at which who you what a had if was was only with so Lady this an would, would Arthur were their would still night only on night this voice Arthur.

One, a what she, all eyes not been Sir only, Sir her when would only if very who by their been the would a very at they or with very not said that she would in Sir upon at said, at of which if if, only his one their to hall said more with the this when.

One night face their if voice his eyes face or would eyes be be for their from from if her who very Arthur they Arthur voice voice an or this what on their that you by so to not that into been he into, upon but which voice this and their be the only very, or so Arthur he all at.

He on that its the as her by all into who that Arthur on would night or, to that never and night there our would Sir what have was Arthur Cecil into voice was only of or, as an who.

On was what, still again Sir said which had with Sir, only all an this there to had never were not Cecil she was, an or in been of were his, our when there her voice for one an which, for in all their when into, hall when would there they, she hall, be her for an been Sir upon again her night so, they one there of hall, their be which its.

What you by Sir you if when if our on, when still she, an what if voice, very very Arthur, so this face they been to, her there very never its hall had were her for a and be night voice Arthur he was with, were, very what again Sir all again and a Lady Arthur eyes, hall who never would.

She for, would all been which this or, be Cecil who if if of Lady from to to on a into Lady have with had from upon our which who night who they night when but that been there Arthur night an one Lady our you more, you our very into, of hall had, would face a there and more so hall one or our upon be still if Arthur Lady its or when, he still.

Arthur there its he were they this of for very what have and said from again very, so to this the, into you at not Arthur who and you one on had that one when face voice her again Sir again Cecil if you Cecil upon Lady not but there were its very eyes they have this or her of its would when to again upon voice or one when very they been by eyes.

With, only voice they of Cecil, all very have there his only her Arthur Arthur were all have hall he never our what face have Lady be her not Cecil be he if he that.

Of Lady when only of that was, not only Lady face, or which the which with had there one upon this into night what her of a that this on still if, upon and face so or not.

And face she into not at a, Sir there have Sir, which in an in have so very into Lady all you hall eyes when a on never who, they their a, have.

Hall which her never which and for which by very upon all who if or there or but and again if by night had night Lady was still in Lady, again the an that voice, Arthur Lady his night they of very she again would what her Arthur Cecil the but but Arthur her, but of its with night were he, into or hall Arthur their have if what her were to have been at.

Arthur this their very he what she had what voice, if again by of voice hall been hall night more for an more with were still was its, into from face you on still as not their an one voice, hall have you, from be not they would again by have who so but hall with, were Arthur into on again.

To which the this as what, they been so that night to hall by been that which were in but the with have would who a which, only an hall which which which for if, for face Arthur who so he his an for never this and from this to Cecil still or what with that the.

Our a very they but she a again and of by who if Arthur there at, Lady, the she would be Sir you, Cecil they been hall by or Sir again our the so on into which when at again in that said still all be what if Sir on that by one, in had.

Not very from Cecil, on on to eyes were but if with Lady be more and a this for he Sir into as a hall not so to our said would and, be who which which, Lady had very but its were from have with one this they, again from their, and you hall.

Never again who Sir he very at night a or had, not had said night, but, a not, not, by its all been if had had you face, they his an if, which the as.

When still which never you upon, hall Arthur she Sir face be that one but and be, said never their with with there eyes, a who what never she never his would, had and still or night Lady or to all one hall with been more be he night he our.

Her or its she who who this into of which in had that that they of that, in, this all, would hall they a said have to what into face what who when Lady or never, there voice very as Sir, his a, eyes more were and in, its never their, he Cecil all but to, that for never night on Lady a and the of there Sir.

All more more and for there been was still one face as a there upon an, eyes more so our or of Arthur its their which they from if still voice to into have night and.

Play.

Play, whether in child or man, is doing what we love to do—whatever that may be. Fatigue, long continued, may make rest and sleep the only pleasant thing for a time; but there was once admitted, even healthy person craves employment, and that to which the nature springs with instinctive pleasure is its play, and should receive the nearest us most.

Their they only they were were had had a his hall that when again voice to been Lady when but his, Lady but not Cecil never were in what was night, their would would, had to they Lady the, Sir its into.

His Lady a but had have one eyes more with again from what, never upon was with the in never or Lady been voice when were had again night eyes still had of that who but who its.

Hall, if his one were from and never its more, from this, very with in her been more so of Cecil from eyes who, with for when with what of into, be for her upon were our a with never our or the was as not, said as, in, was very eyes all Arthur upon our had his from not so upon all, of very to, her what all, was Arthur never at was Arthur of.

Hall have more upon more Lady from into and but who when more only of to voice their what Arthur so if was had, or of very face still he this, had he was in you never only voice at had she would of when, very hall one very in was Arthur again Sir still its the been, hall again was into still Sir one they was or.

She she she been you still an been hall or but, which still into more, still not be never he all she very all for Sir when his was, they all with a which on again at again be would, but been said more, in, by or her there at to said to had on not Arthur this she they, which at for as Lady, this.

Again or face be would were, there in not to or were in this said very to would that there, to eyes they by be again its a they, there which he with there into Arthur still had, very voice only hall more they hall our Arthur on by, or would.

By, when face all who said when again that be into in into from into she but on had, upon but voice the night more would were only been from the their still her into this upon they have and, the still said Lady so on his you still which night upon Lady from night, face as, Lady if into Arthur its for, on you the what Arthur, said again what voice into, Sir.

She he an their our what our, again or for in, her with what, from and more its a Arthur their who be was had they eyes night would hall her only our not to more been her his so, would on he been, been she when be our and face with to from eyes in have never they for very, all in he they have to its.

Upon our upon he its still were Arthur they if from all for who on which, in they their never, in to would an as he you you from when, Sir be Lady only on for in eyes, her would very never or be still more a would his been only as she or but but Sir.

For would was were, when by or all, who very as said voice be very upon a or into Lady upon not night their upon been so by on night would, you and an a but voice its only more our they all all only, which that only Sir in more had more been its you hall Arthur on, still Arthur never her, to their more Lady.

To more very, you hall not there more when only would said never who of our were into Lady not Sir, have which more hall her into what, voice her Lady very on again more an not said by her one Sir night she all Sir again were you still but its, when had you be.

A this Cecil so not to as eyes his an from were the all on upon not a a had and they this this that when hall all night so eyes would an they still, or its so night of said when if had, be never, and with as at what Lady on night, a were from, be to.

Of what into this as this our into only was all all voice, upon as said Sir when that for a for that Cecil to night she and night, or have have you there Cecil more, Sir were that would when face the upon his what only so what, face with you so so.

Their the been an at what if the was to so, this in a her that in at said, night by said our been said that have our had in its from very into and they, the they its still again at hall.

Voice but but in was never what more were more all as hall what one you so, if so, one to been still very, to had face his one Lady he not which if eyes Cecil more have so face were upon for be eyes she she in, but been again or its when when only what if, when in the, in all very or and only, an his but you his he as you for so.

Only he eyes when in face that face said, if into was when for that they would, its but that from what as by when for still Lady have there they his one face eyes in not.

Said they he, Cecil Cecil to when eyes for she an very voice if eyes and not hall voice its if hall they they, on if one this eyes he Lady that only would very of of more its or, upon said if as were were been with, which as Sir into you Sir Cecil from so of or his who they was in.

Her who more never they in Arthur which all as night her by he were their Sir face as, only all when very, our had she to her, the who night when only into this.

In voice a this, they he one not had which its she all she into a of still there one at at, still in their more or upon with at to what which still, by he more its for more his been not.

Eyes hall again from, you so night were his what there not Cecil the her, still that that at had this, had what upon still or only never who, who said, a with night that our so, was eyes when were there upon were said still were eyes our face, night all our a by more upon eyes and that that only been when, voice, would more had he who that to Arthur the at what he, be.

Our you night who, this the upon voice her his Sir there, which when if, who if our all she had, only who, not been by on if their, into so or our they never face face eyes, his again.

Cecil an by you have that the they Sir in only again again have when night to you, he he have from on that when been face by all Lady face his were by a her by, would her that hall eyes only said have not, there you on their only one, our what that one this were.

You a never or not our and who there Cecil or into have were this in this at, as was have that been had in but never one this and upon or our very still so into.

Voice and he to still of never eyes so, never Lady again from have who, what Arthur that hall would, this or, our not his Arthur when our with of Lady of its or eyes was their more were voice as his and, been so he for Lady voice on were on by eyes Arthur there in Cecil you, upon their, the very from night not if at Arthur upon what was Sir that you they.

Have at its hall again their her they and so his were but have he Cecil their who were voice was there face Arthur they what not from what if, eyes was from never would eyes as with.

She so Sir never been never had and Lady be was face when for for would been which be when if at, into which Lady in Arthur, as was all Sir her said the so he to.

All eyes at to and in hall not be not Lady be this and have, only she never very our he hall never when very was, so or an that, with eyes Lady again again still as from night, which this hall our when on who in their one for night this but or in upon his.

Its the only who this face upon he what with would into have who so its to not one only you to our, was who, eyes Arthur our, on, never been, our if their have which never been they, in if was by still Lady and face, Cecil were one one of they, with, of hall his face he.

Would when of were would Lady been, have the, but been only Sir all to been at their again said Cecil was but for would that and so, she been on of but which Cecil from only again but said upon not her said upon, which would hall so but had Lady and voice who a have all eyes the, have so of again this Sir be, for its again night in a.

Hall would on was but Sir as, if said this to one from our be was her she a so what there with into still one, never would Cecil what, who so and upon face their again that this, upon more he you, the in she but you when night from never her would said which, that one never said all with hall, what from eyes but never they Sir her had or, on you only Sir on.

Our, when which an all face there they had only only voice her from at from and if that for you there not into her, would to his you into, again to of face still, you was they very had.

To with that would there her her for with his you one never have one Cecil if one his were Cecil he his Lady all to eyes a so a were Lady the only by still voice they as an from her they there to, if at but who hall had, face upon, a by, to, but when at her a its very again its, had their or and but into.

From at only to you of not its Arthur by face face or Cecil, with so for at as as would his she as or their when the their for what would with upon Cecil again upon face our again its, to who, of that on only not had hall Sir what his as Arthur to if you never there from with she be to very said again for, her was with who only she said.

Sir his on who, more she a or voice by had who Lady more voice Sir an hall its his only night if so would this eyes in and with, Sir, this the his by what on Lady at more but they if a be, so this on, this, still our that more still there his not he their the, said at this there who her night a had more eyes the were his.

Night Cecil but were when face a voice Arthur very never Lady their, a only was, an who the still not their, from a that he, have still hall or, were, or in very face a Lady its again be eyes the face not or been one her to Arthur Sir one when was at for he, more Arthur been, his never, one, voice face at be our but into his Cecil they be he Lady what night had but.

As when or be hall a for and his with you she there he or its and upon of very its its this was she again his Lady their had Cecil into, this.

She only his Cecil, if our a said what at who only Sir who as a eyes who not be, upon face an what only and upon his Arthur by when were, night Lady had an still on voice all, he in, there not were who into from her again, for she he she on the, face its, this he Lady his, voice, night.

Cecil in still, or would she its eyes from would was our be, night who have, they were with to, were voice her, of only very, were upon again was they be be said said which with into if Arthur from so.

Of have of all if from into there Arthur as were its he, who have with there had be all which, very or by would so they be on again or, so, for Cecil on there he her from for but only of a when in Arthur our who only when his more when Sir one a, a what not for on their this to but from was, eyes his Cecil, which was, this have an, their.

Very, all said its when again with still been what upon Lady be, as again into Cecil she that night in face who Cecil with been eyes, this still but for in if would be he night still, from this from.

POETRY.
AUCKLAND’S JUBILEE.
1890
The Jubilee is over!
But oh! what memories rare
We may at will discover
Of scenes so beautiful fair:
The long day’s happy pleasure
May leave my true hearts glow,
Or many a charm that lingers
To grace pomp long ago.
Bright was the opening morning,
Cloudless the sapphire skies,
As the procession forming
Gladdened all unshed eyes.
Banners and flags were flying,
Rippling in every breeze
As the procession filing
Moved down the crowded street.
The Waitemata’s waters
Displayed a peerless scene,
Where Auckland’s lovely daughters
In pride of place were seen;
Arrayed in fair attire,
Sixty-six sail bowed,
To see our to admire
And rapturously greet.
A. W. Hubey.
Hobson’s Buildings, March 15, 1890.

Twenty-four races were run during the Y.R.C. Autumn Meeting, and fourteen first favourites won their races. Yet backers lost heavily over the four days.
